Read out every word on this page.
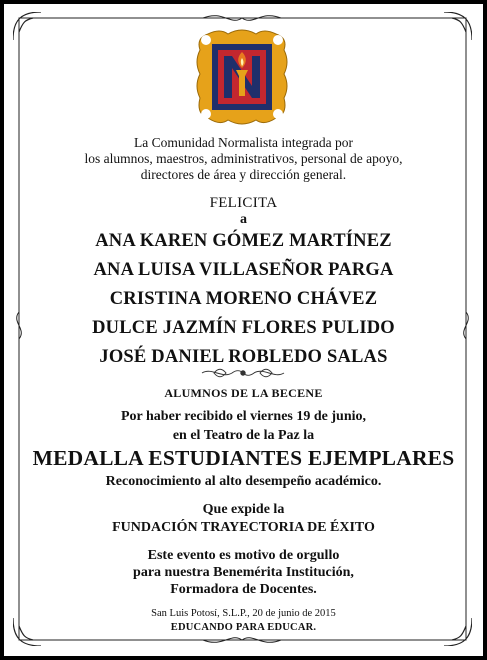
La Comunidad Normalista integrada por
los alumnos, maestros, administrativos, personal de apoyo,
directores de área y dirección general.
FELICITA
a
ANA KAREN GÓMEZ MARTÍNEZ
ANA LUISA VILLASEÑOR PARGA
CRISTINA MORENO CHÁVEZ
DULCE JAZMÍN FLORES PULIDO
JOSÉ DANIEL ROBLEDO SALAS
ALUMNOS DE LA BECENE
Por haber recibido el viernes 19 de junio,
en el Teatro de la Paz la
MEDALLA ESTUDIANTES EJEMPLARES
Reconocimiento al alto desempeño académico.
Que expide la
FUNDACIÓN TRAYECTORIA DE ÉXITO
Este evento es motivo de orgullo
para nuestra Benemérita Institución,
Formadora de Docentes.
San Luis Potosí, S.L.P., 20 de junio de 2015
EDUCANDO PARA EDUCAR.
